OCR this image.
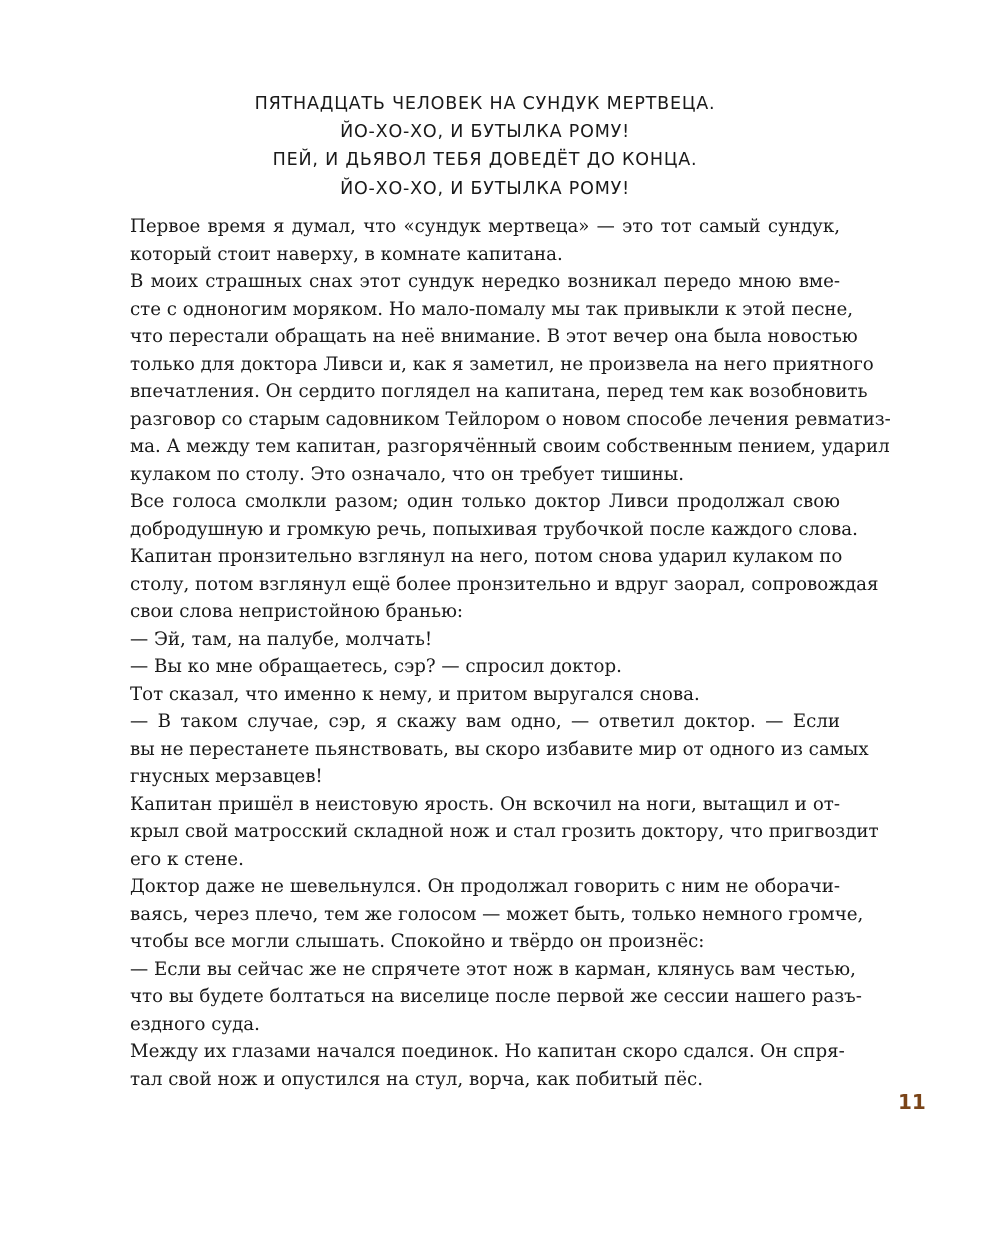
ПЯТНАДЦАТЬ ЧЕЛОВЕК НА СУНДУК МЕРТВЕЦА.
ЙО-ХО-ХО, И БУТЫЛКА РОМУ!
ПЕЙ, И ДЬЯВОЛ ТЕБЯ ДОВЕДЁТ ДО КОНЦА.
ЙО-ХО-ХО, И БУТЫЛКА РОМУ!
Первое время я думал, что «сундук мертвеца» — это тот самый сундук,
который стоит наверху, в комнате капитана.
В моих страшных снах этот сундук нередко возникал передо мною вме-
сте с одноногим моряком. Но мало-помалу мы так привыкли к этой песне,
что перестали обращать на неё внимание. В этот вечер она была новостью
только для доктора Ливси и, как я заметил, не произвела на него приятного
впечатления. Он сердито поглядел на капитана, перед тем как возобновить
разговор со старым садовником Тейлором о новом способе лечения ревматиз-
ма. А между тем капитан, разгорячённый своим собственным пением, ударил
кулаком по столу. Это означало, что он требует тишины.
Все голоса смолкли разом; один только доктор Ливси продолжал свою
добродушную и громкую речь, попыхивая трубочкой после каждого слова.
Капитан пронзительно взглянул на него, потом снова ударил кулаком по
столу, потом взглянул ещё более пронзительно и вдруг заорал, сопровождая
свои слова непристойною бранью:
— Эй, там, на палубе, молчать!
— Вы ко мне обращаетесь, сэр? — спросил доктор.
Тот сказал, что именно к нему, и притом выругался снова.
— В таком случае, сэр, я скажу вам одно, — ответил доктор. — Если
вы не перестанете пьянствовать, вы скоро избавите мир от одного из самых
гнусных мерзавцев!
Капитан пришёл в неистовую ярость. Он вскочил на ноги, вытащил и от-
крыл свой матросский складной нож и стал грозить доктору, что пригвоздит
его к стене.
Доктор даже не шевельнулся. Он продолжал говорить с ним не оборачи-
ваясь, через плечо, тем же голосом — может быть, только немного громче,
чтобы все могли слышать. Спокойно и твёрдо он произнёс:
— Если вы сейчас же не спрячете этот нож в карман, клянусь вам честью,
что вы будете болтаться на виселице после первой же сессии нашего разъ-
ездного суда.
Между их глазами начался поединок. Но капитан скоро сдался. Он спря-
тал свой нож и опустился на стул, ворча, как побитый пёс.
11
